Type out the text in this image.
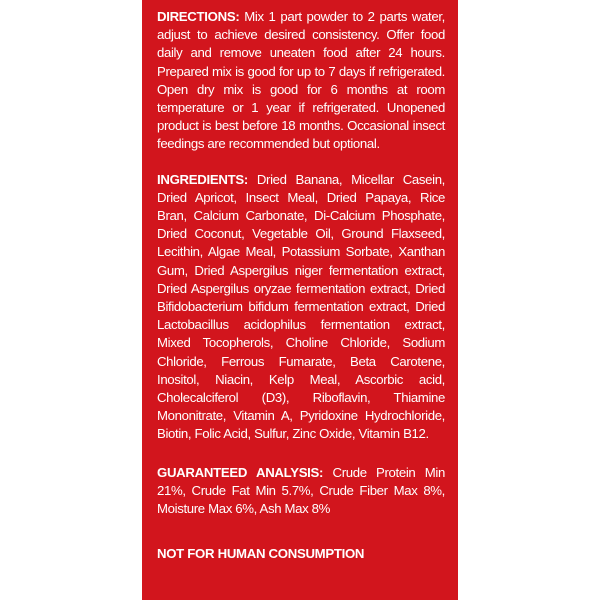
DIRECTIONS: Mix 1 part powder to 2 parts water, adjust to achieve desired consistency. Offer food daily and remove uneaten food after 24 hours. Prepared mix is good for up to 7 days if refrigerated. Open dry mix is good for 6 months at room temperature or 1 year if refrigerated. Unopened product is best before 18 months. Occasional insect feedings are recommended but optional.

INGREDIENTS: Dried Banana, Micellar Casein, Dried Apricot, Insect Meal, Dried Papaya, Rice Bran, Calcium Carbonate, Di-Calcium Phosphate, Dried Coconut, Vegetable Oil, Ground Flaxseed, Lecithin, Algae Meal, Potassium Sorbate, Xanthan Gum, Dried Aspergilus niger fermentation extract, Dried Aspergilus oryzae fermentation extract, Dried Bifidobacterium bifidum fermentation extract, Dried Lactobacillus acidophilus fermentation extract, Mixed Tocopherols, Choline Chloride, Sodium Chloride, Ferrous Fumarate, Beta Carotene, Inositol, Niacin, Kelp Meal, Ascorbic acid, Cholecalciferol (D3), Riboflavin, Thiamine Mononitrate, Vitamin A, Pyridoxine Hydrochloride, Biotin, Folic Acid, Sulfur, Zinc Oxide, Vitamin B12.

GUARANTEED ANALYSIS: Crude Protein Min 21%, Crude Fat Min 5.7%, Crude Fiber Max 8%, Moisture Max 6%, Ash Max 8%

NOT FOR HUMAN CONSUMPTION
